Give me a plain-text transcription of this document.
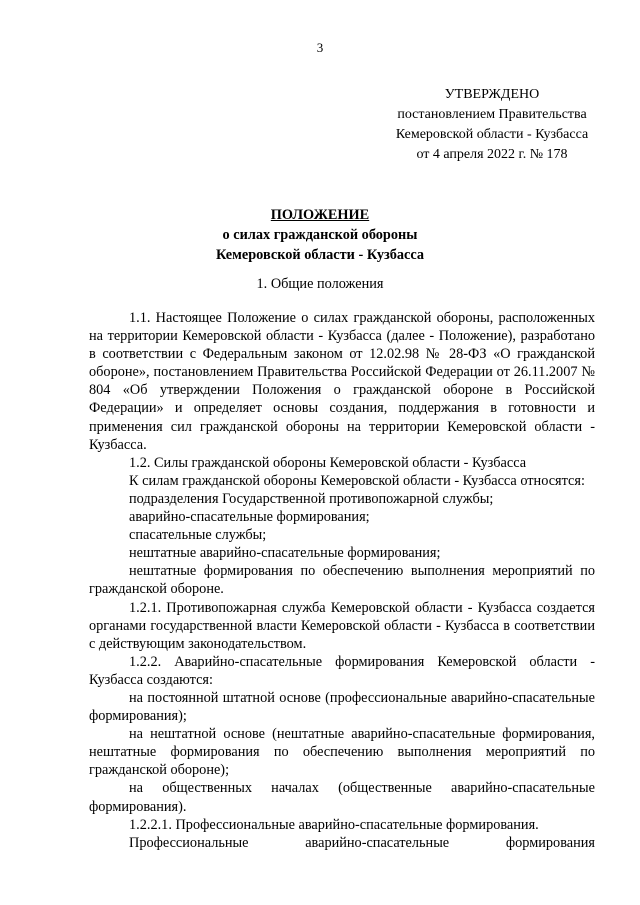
3
УТВЕРЖДЕНО
постановлением Правительства
Кемеровской области - Кузбасса
от 4 апреля 2022 г. № 178
ПОЛОЖЕНИЕ
о силах гражданской обороны
Кемеровской области - Кузбасса
1. Общие положения

1.1. Настоящее Положение о силах гражданской обороны, расположенных на территории Кемеровской области - Кузбасса (далее - Положение), разработано в соответствии с Федеральным законом от 12.02.98 № 28-ФЗ «О гражданской обороне», постановлением Правительства Российской Федерации от 26.11.2007 № 804 «Об утверждении Положения о гражданской обороне в Российской Федерации» и определяет основы создания, поддержания в готовности и применения сил гражданской обороны на территории Кемеровской области - Кузбасса.

1.2. Силы гражданской обороны Кемеровской области - Кузбасса

К силам гражданской обороны Кемеровской области - Кузбасса относятся:

подразделения Государственной противопожарной службы;

аварийно-спасательные формирования;

спасательные службы;

нештатные аварийно-спасательные формирования;

нештатные формирования по обеспечению выполнения мероприятий по гражданской обороне.

1.2.1. Противопожарная служба Кемеровской области - Кузбасса создается органами государственной власти Кемеровской области - Кузбасса в соответствии с действующим законодательством.

1.2.2. Аварийно-спасательные формирования Кемеровской области - Кузбасса создаются:

на постоянной штатной основе (профессиональные аварийно-спасательные формирования);

на нештатной основе (нештатные аварийно-спасательные формирования, нештатные формирования по обеспечению выполнения мероприятий по гражданской обороне);

на общественных началах (общественные аварийно-спасательные формирования).

1.2.2.1. Профессиональные аварийно-спасательные формирования.

Профессиональные аварийно-спасательные формирования
